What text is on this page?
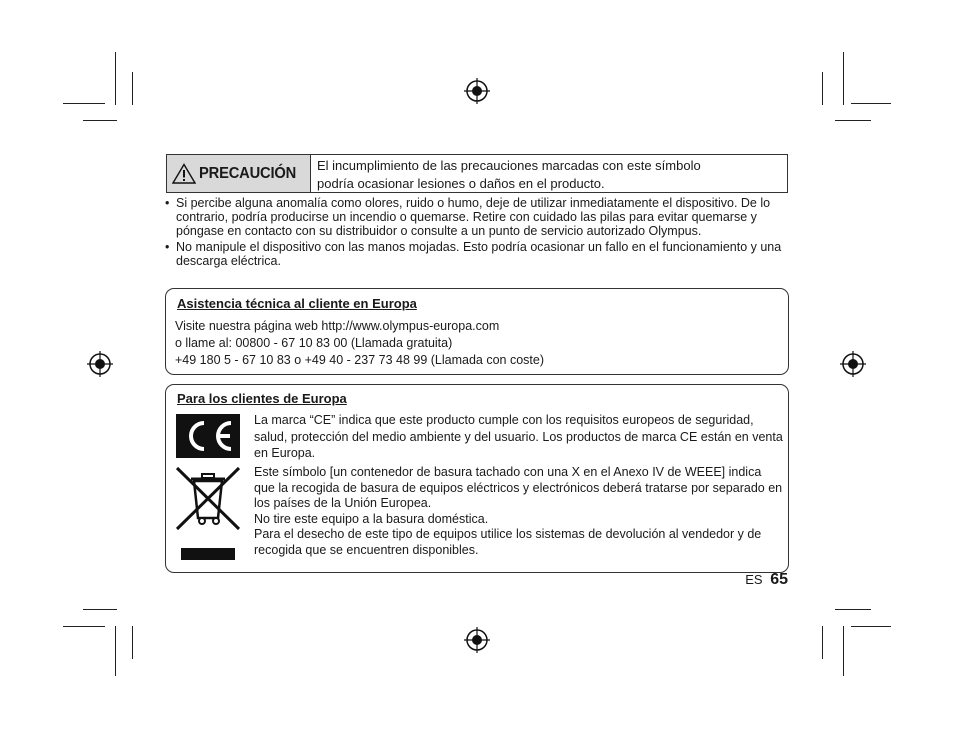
PRECAUCIÓN El incumplimiento de las precauciones marcadas con este símbolo
podría ocasionar lesiones o daños en el producto.
• Si percibe alguna anomalía como olores, ruido o humo, deje de utilizar inmediatamente el dispositivo. De lo contrario, podría producirse un incendio o quemarse. Retire con cuidado las pilas para evitar quemarse y póngase en contacto con su distribuidor o consulte a un punto de servicio autorizado Olympus.
• No manipule el dispositivo con las manos mojadas. Esto podría ocasionar un fallo en el funcionamiento y una descarga eléctrica.
Asistencia técnica al cliente en Europa
Visite nuestra página web http://www.olympus-europa.com
o llame al: 00800 - 67 10 83 00 (Llamada gratuita)
+49 180 5 - 67 10 83 o +49 40 - 237 73 48 99 (Llamada con coste)
Para los clientes de Europa
La marca “CE” indica que este producto cumple con los requisitos europeos de seguridad, salud, protección del medio ambiente y del usuario. Los productos de marca CE están en venta en Europa.
Este símbolo [un contenedor de basura tachado con una X en el Anexo IV de WEEE] indica que la recogida de basura de equipos eléctricos y electrónicos deberá tratarse por separado en los países de la Unión Europea.
No tire este equipo a la basura doméstica.
Para el desecho de este tipo de equipos utilice los sistemas de devolución al vendedor y de recogida que se encuentren disponibles.
ES 65
